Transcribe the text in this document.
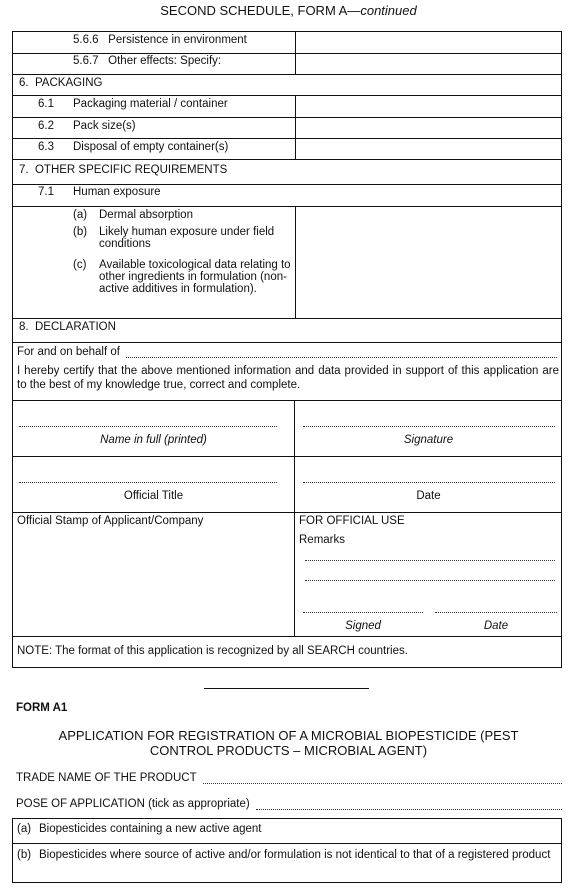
SECOND SCHEDULE, FORM A—continued
5.6.6 Persistence in environment
5.6.7 Other effects: Specify:
6.  PACKAGING
6.1 Packaging material / container
6.2 Pack size(s)
6.3 Disposal of empty container(s)
7.  OTHER SPECIFIC REQUIREMENTS
7.1 Human exposure
(a) Dermal absorption
(b) Likely human exposure under field conditions
(c) Available toxicological data relating to other ingredients in formulation (non-active additives in formulation).
8.  DECLARATION
For and on behalf of
I hereby certify that the above mentioned information and data provided in support of this application are to the best of my knowledge true, correct and complete.
Name in full (printed)	Signature
Official Title	Date
Official Stamp of Applicant/Company	FOR OFFICIAL USE
Remarks
Signed	Date
NOTE: The format of this application is recognized by all SEARCH countries.
FORM A1
APPLICATION FOR REGISTRATION OF A MICROBIAL BIOPESTICIDE (PEST CONTROL PRODUCTS – MICROBIAL AGENT)
TRADE NAME OF THE PRODUCT
POSE OF APPLICATION (tick as appropriate)
(a) Biopesticides containing a new active agent
(b) Biopesticides where source of active and/or formulation is not identical to that of a registered product
